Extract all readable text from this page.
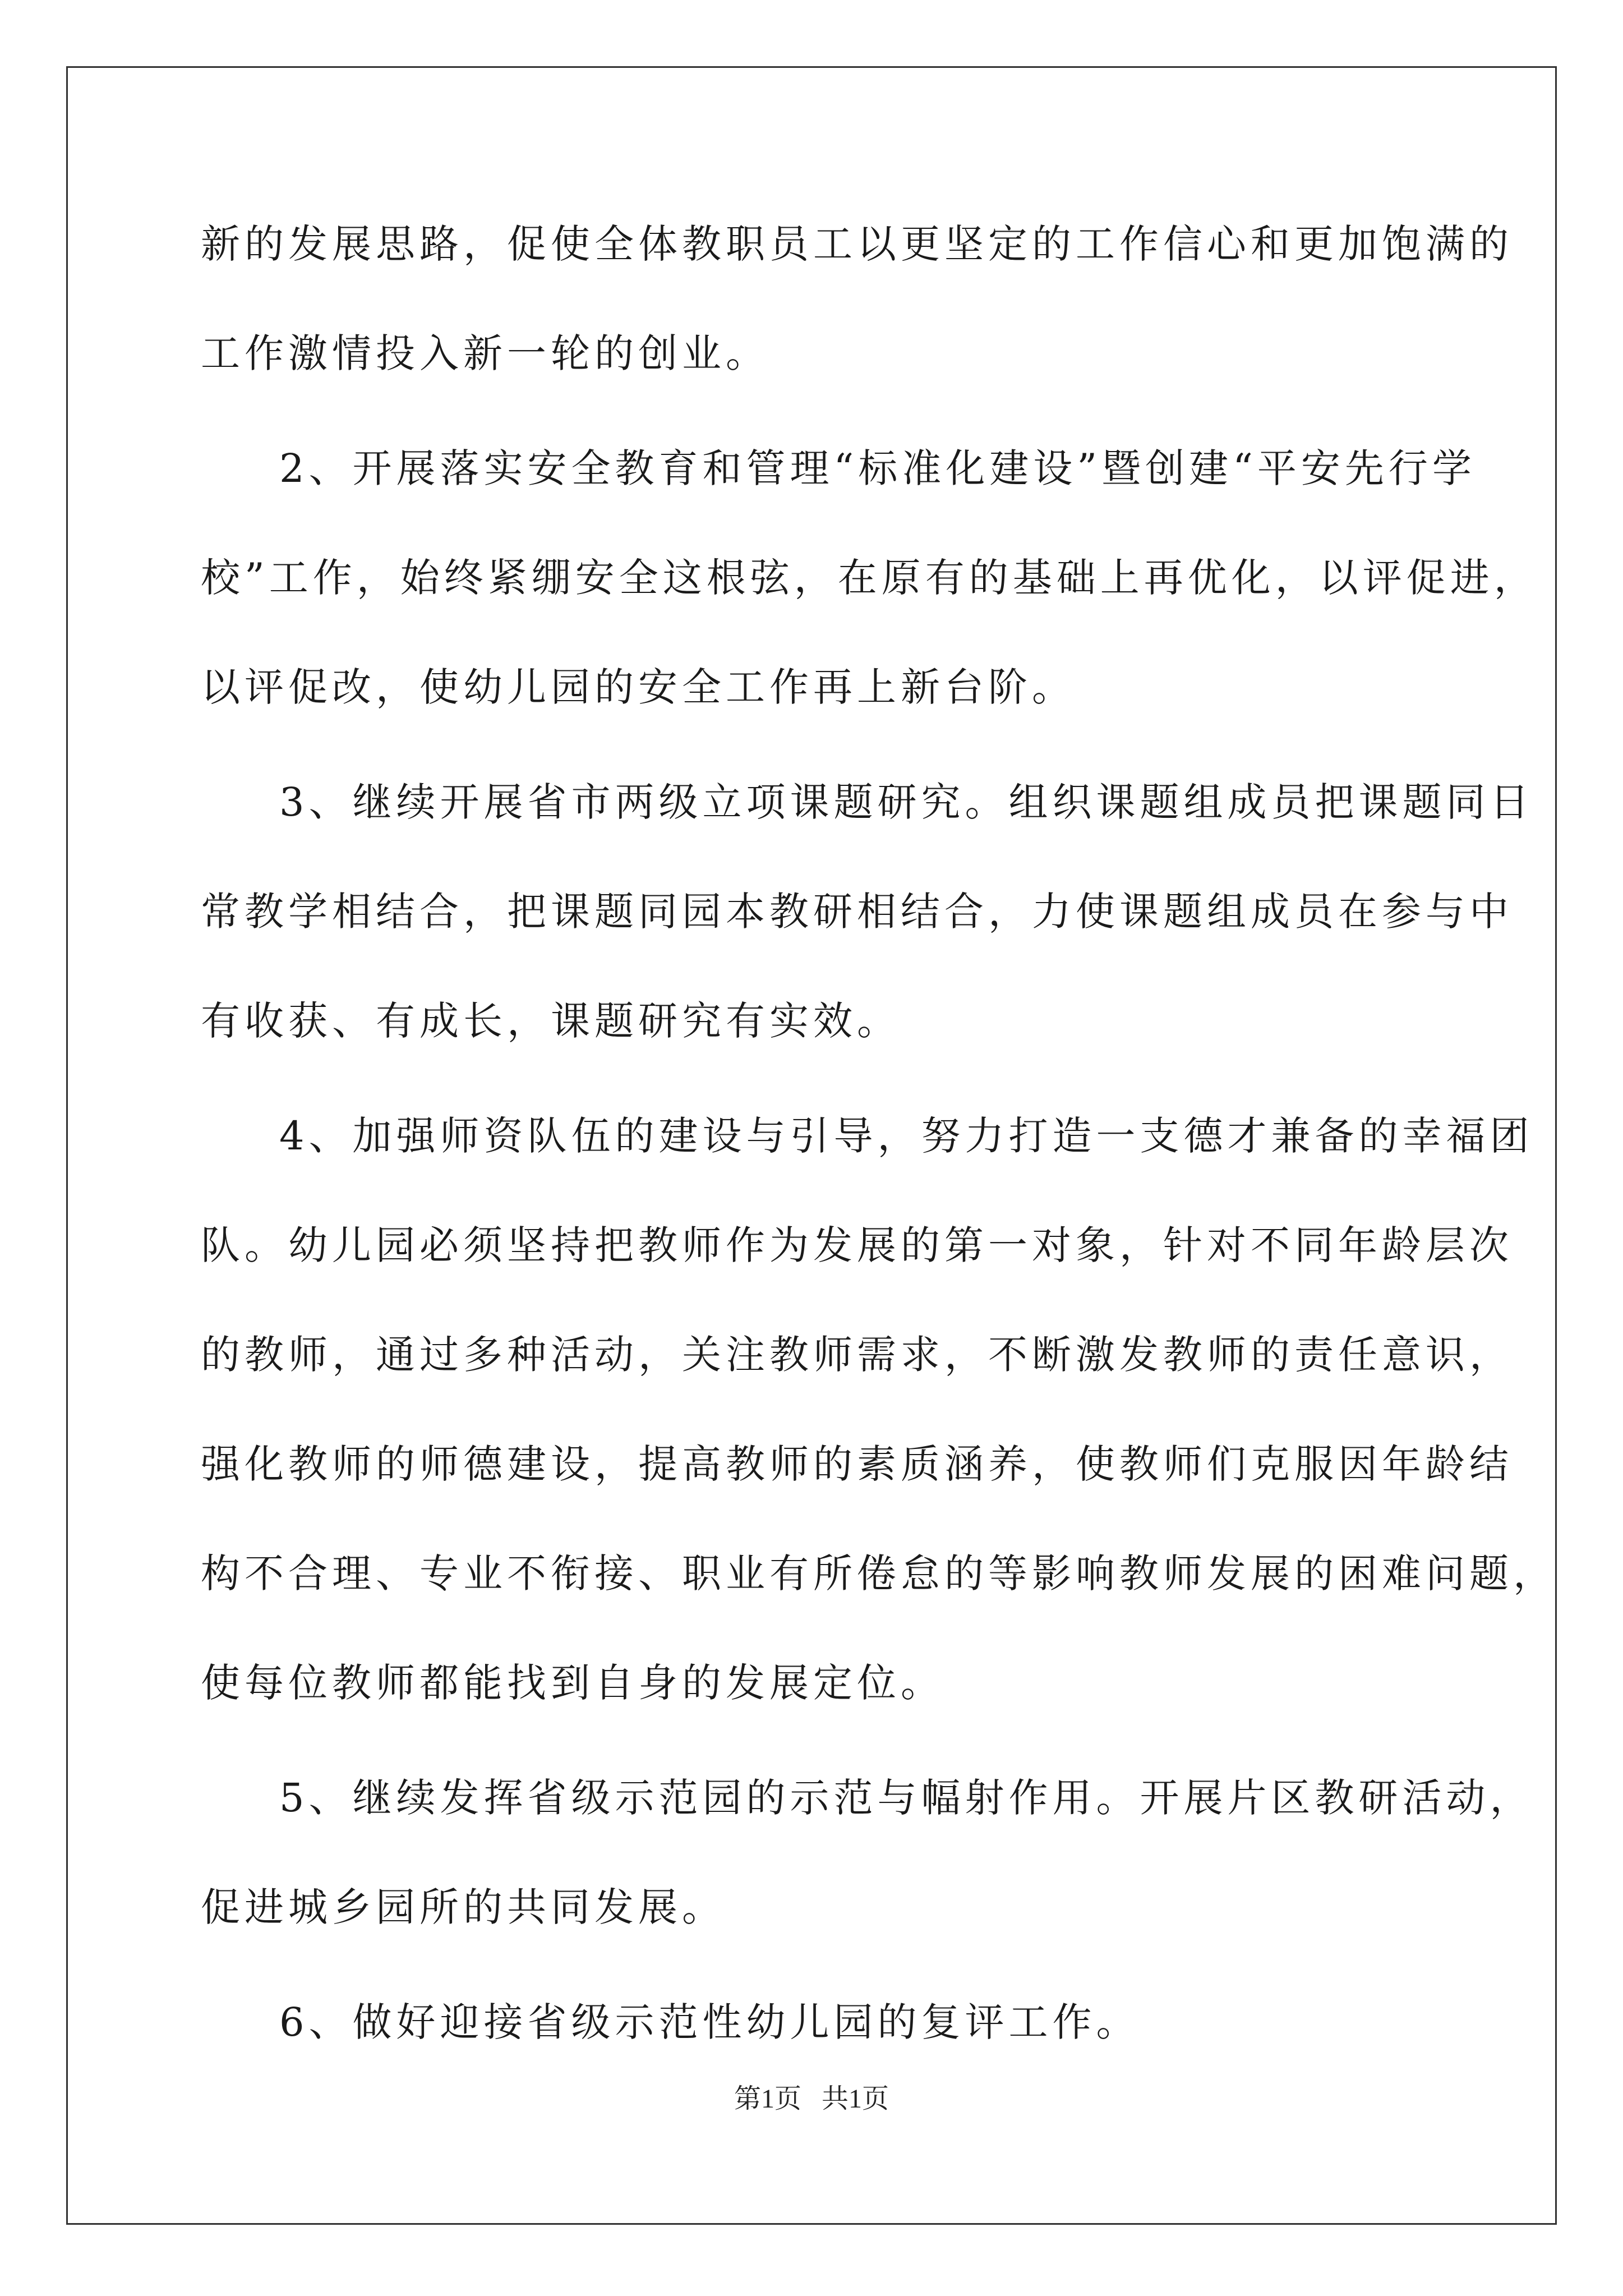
新的发展思路，促使全体教职员工以更坚定的工作信心和更加饱满的
工作激情投入新一轮的创业。
2、开展落实安全教育和管理“标准化建设”暨创建“平安先行学
校”工作，始终紧绷安全这根弦，在原有的基础上再优化，以评促进，
以评促改，使幼儿园的安全工作再上新台阶。
3、继续开展省市两级立项课题研究。组织课题组成员把课题同日
常教学相结合，把课题同园本教研相结合，力使课题组成员在参与中
有收获、有成长，课题研究有实效。
4、加强师资队伍的建设与引导，努力打造一支德才兼备的幸福团
队。幼儿园必须坚持把教师作为发展的第一对象，针对不同年龄层次
的教师，通过多种活动，关注教师需求，不断激发教师的责任意识，
强化教师的师德建设，提高教师的素质涵养，使教师们克服因年龄结
构不合理、专业不衔接、职业有所倦怠的等影响教师发展的困难问题，
使每位教师都能找到自身的发展定位。
5、继续发挥省级示范园的示范与幅射作用。开展片区教研活动，
促进城乡园所的共同发展。
6、做好迎接省级示范性幼儿园的复评工作。
第1页   共1页
